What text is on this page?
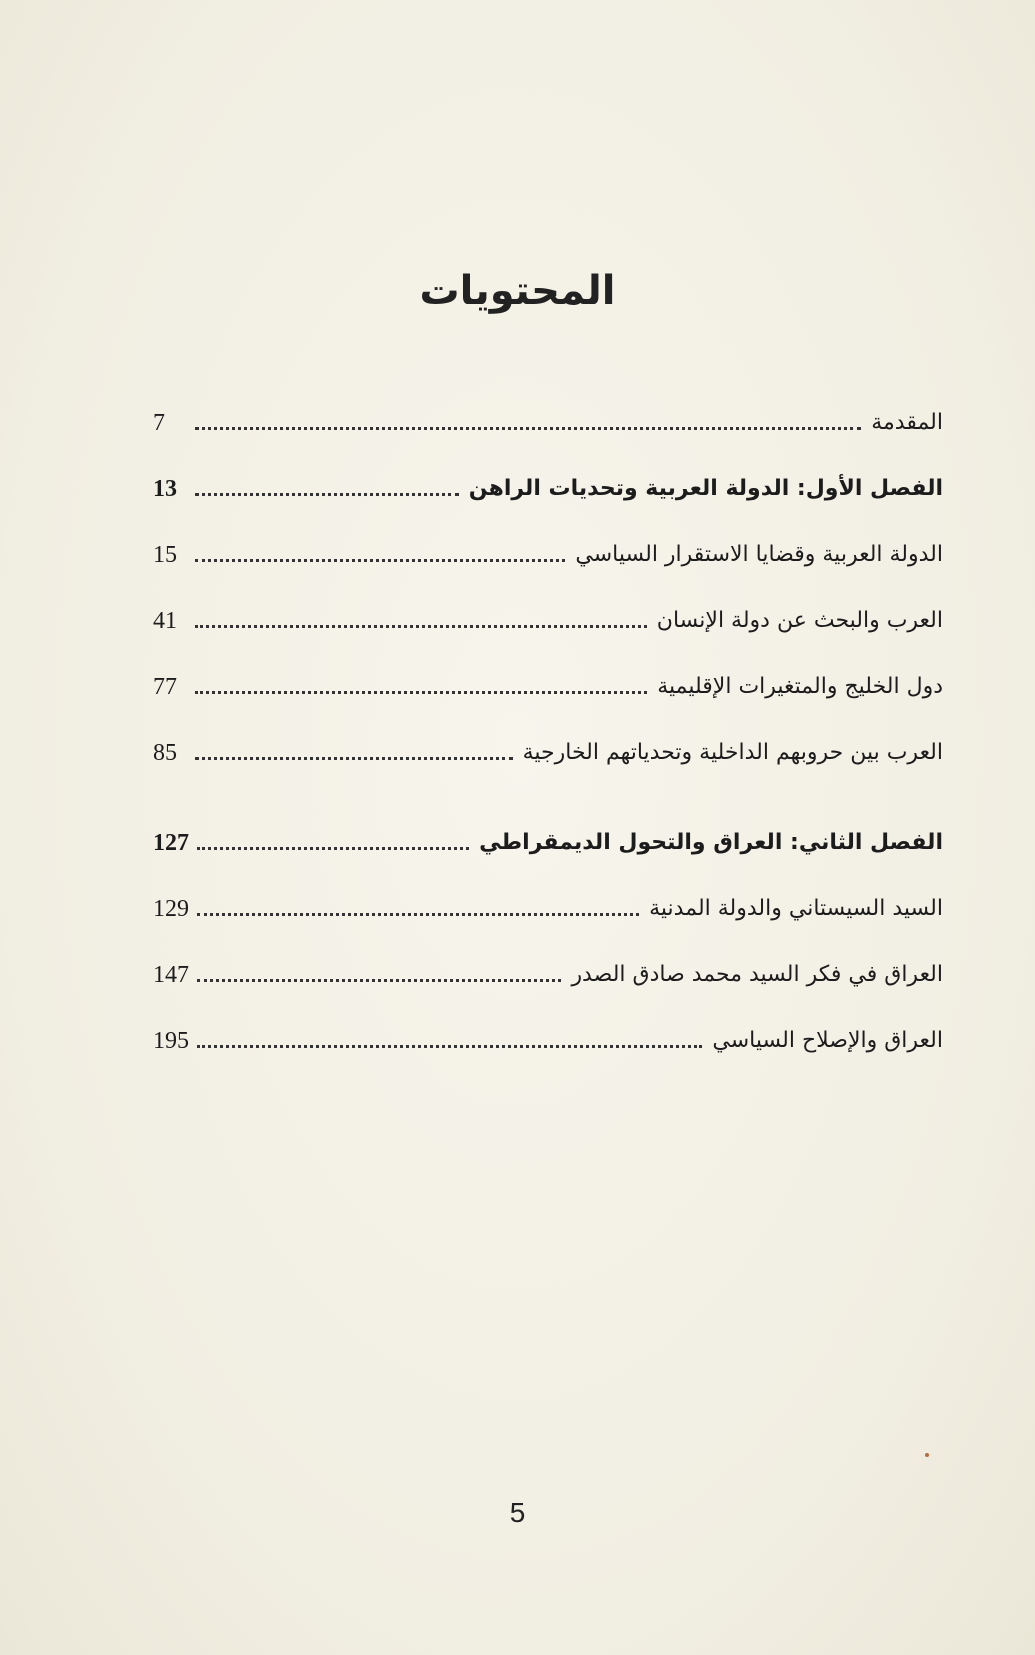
المحتويات
المقدمة
7
الفصل الأول: الدولة العربية وتحديات الراهن
13
الدولة العربية وقضايا الاستقرار السياسي
15
العرب والبحث عن دولة الإنسان
41
دول الخليج والمتغيرات الإقليمية
77
العرب بين حروبهم الداخلية وتحدياتهم الخارجية
85
الفصل الثاني: العراق والتحول الديمقراطي
127
السيد السيستاني والدولة المدنية
129
العراق في فكر السيد محمد صادق الصدر
147
العراق والإصلاح السياسي
195
5
